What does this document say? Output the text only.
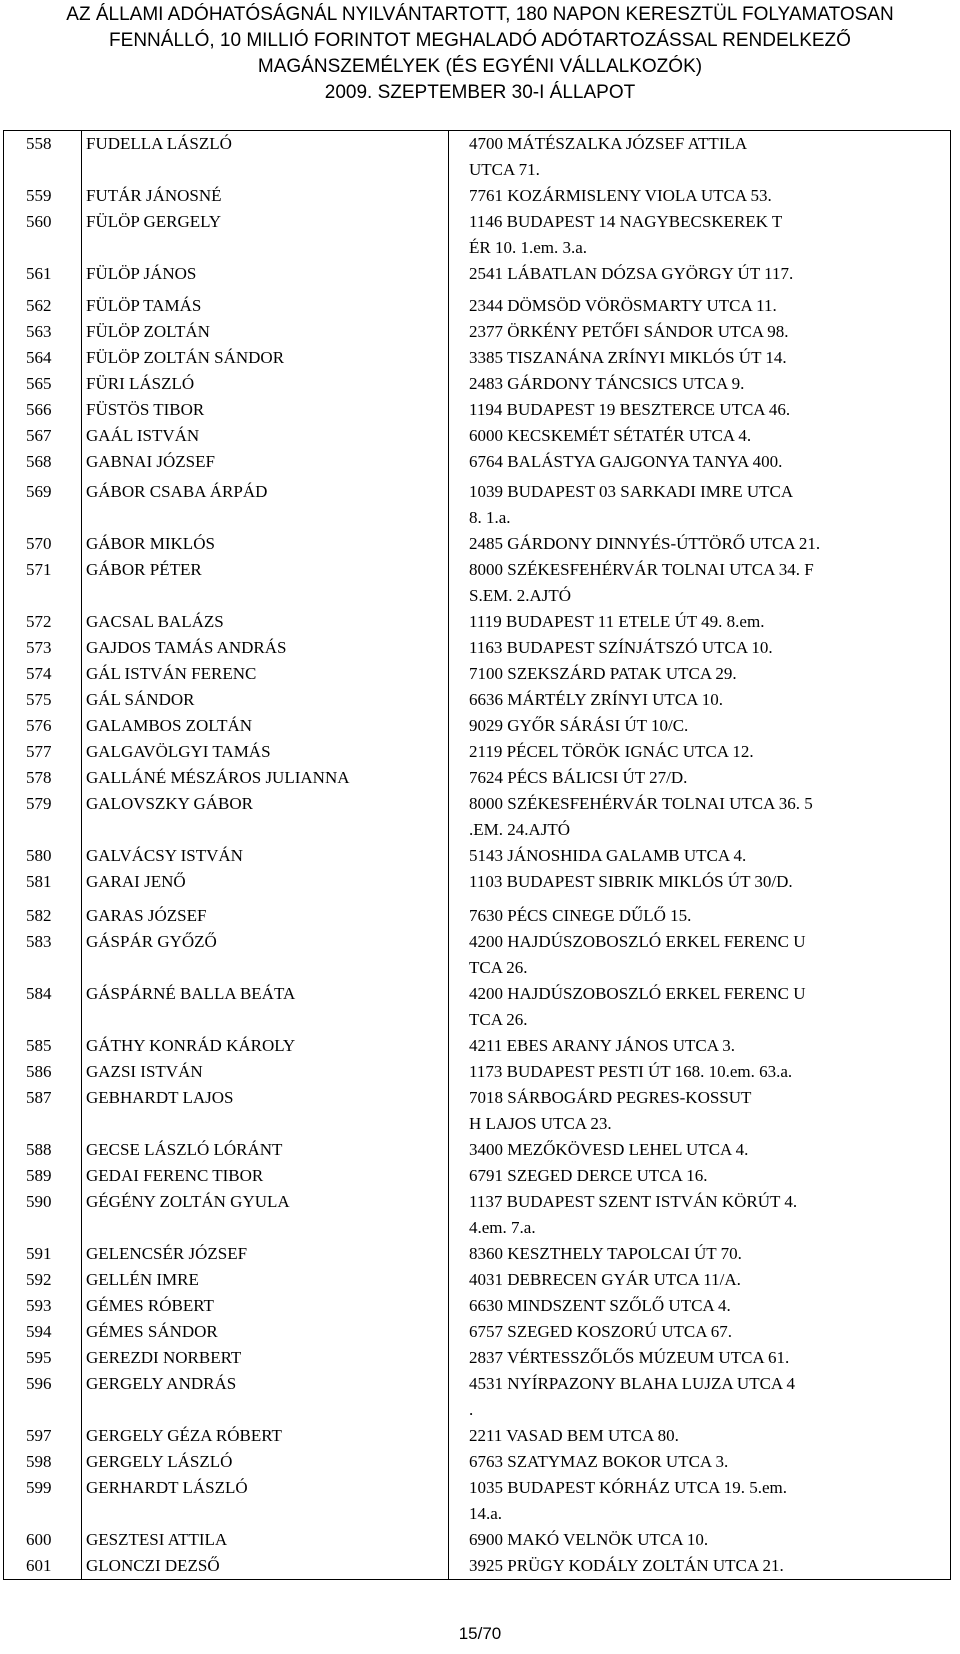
AZ ÁLLAMI ADÓHATÓSÁGNÁL NYILVÁNTARTOTT, 180 NAPON KERESZTÜL FOLYAMATOSAN
FENNÁLLÓ, 10 MILLIÓ FORINTOT MEGHALADÓ ADÓTARTOZÁSSAL RENDELKEZŐ
MAGÁNSZEMÉLYEK (ÉS EGYÉNI VÁLLALKOZÓK)
2009. SZEPTEMBER 30-I ÁLLAPOT
558	FUDELLA LÁSZLÓ	4700 MÁTÉSZALKA JÓZSEF ATTILA
UTCA 71.

559	FUTÁR JÁNOSNÉ	7761 KOZÁRMISLENY VIOLA UTCA 53.
560	FÜLÖP GERGELY	1146 BUDAPEST 14 NAGYBECSKEREK T
ÉR 10. 1.em. 3.a.

561	FÜLÖP JÁNOS	2541 LÁBATLAN DÓZSA GYÖRGY ÚT 117.
562	FÜLÖP TAMÁS	2344 DÖMSÖD VÖRÖSMARTY UTCA 11.
563	FÜLÖP ZOLTÁN	2377 ÖRKÉNY PETŐFI SÁNDOR UTCA 98.
564	FÜLÖP ZOLTÁN SÁNDOR	3385 TISZANÁNA ZRÍNYI MIKLÓS ÚT 14.
565	FÜRI LÁSZLÓ	2483 GÁRDONY TÁNCSICS UTCA 9.
566	FÜSTÖS TIBOR	1194 BUDAPEST 19 BESZTERCE UTCA 46.
567	GAÁL ISTVÁN	6000 KECSKEMÉT SÉTATÉR UTCA 4.
568	GABNAI JÓZSEF	6764 BALÁSTYA GAJGONYA TANYA 400.
569	GÁBOR CSABA ÁRPÁD	1039 BUDAPEST 03 SARKADI IMRE UTCA
8. 1.a.

570	GÁBOR MIKLÓS	2485 GÁRDONY DINNYÉS-ÚTTÖRŐ UTCA 21.

571	GÁBOR PÉTER	8000 SZÉKESFEHÉRVÁR TOLNAI UTCA 34. F
S.EM. 2.AJTÓ

572	GACSAL BALÁZS	1119 BUDAPEST 11 ETELE ÚT 49. 8.em.
573	GAJDOS TAMÁS ANDRÁS	1163 BUDAPEST SZÍNJÁTSZÓ UTCA 10.
574	GÁL ISTVÁN FERENC	7100 SZEKSZÁRD PATAK UTCA 29.
575	GÁL SÁNDOR	6636 MÁRTÉLY ZRÍNYI UTCA 10.
576	GALAMBOS ZOLTÁN	9029 GYŐR SÁRÁSI ÚT 10/C.
577	GALGAVÖLGYI TAMÁS	2119 PÉCEL TÖRÖK IGNÁC UTCA 12.
578	GALLÁNÉ MÉSZÁROS JULIANNA	7624 PÉCS BÁLICSI ÚT 27/D.
579	GALOVSZKY GÁBOR	8000 SZÉKESFEHÉRVÁR TOLNAI UTCA 36. 5
.EM. 24.AJTÓ

580	GALVÁCSY ISTVÁN	5143 JÁNOSHIDA GALAMB UTCA 4.
581	GARAI JENŐ	1103 BUDAPEST SIBRIK MIKLÓS ÚT 30/D.
582	GARAS JÓZSEF	7630 PÉCS CINEGE DŰLŐ 15.
583	GÁSPÁR GYŐZŐ	4200 HAJDÚSZOBOSZLÓ ERKEL FERENC U
TCA 26.

584	GÁSPÁRNÉ BALLA BEÁTA	4200 HAJDÚSZOBOSZLÓ ERKEL FERENC U
TCA 26.

585	GÁTHY KONRÁD KÁROLY	4211 EBES ARANY JÁNOS UTCA 3.
586	GAZSI ISTVÁN	1173 BUDAPEST PESTI ÚT 168. 10.em. 63.a.
587	GEBHARDT LAJOS	7018 SÁRBOGÁRD PEGRES-KOSSUT
H LAJOS UTCA 23.

588	GECSE LÁSZLÓ LÓRÁNT	3400 MEZŐKÖVESD LEHEL UTCA 4.
589	GEDAI FERENC TIBOR	6791 SZEGED DERCE UTCA 16.
590	GÉGÉNY ZOLTÁN GYULA	1137 BUDAPEST SZENT ISTVÁN KÖRÚT 4.
4.em. 7.a.

591	GELENCSÉR JÓZSEF	8360 KESZTHELY TAPOLCAI ÚT 70.
592	GELLÉN IMRE	4031 DEBRECEN GYÁR UTCA 11/A.
593	GÉMES RÓBERT	6630 MINDSZENT SZŐLŐ UTCA 4.
594	GÉMES SÁNDOR	6757 SZEGED KOSZORÚ UTCA 67.
595	GEREZDI NORBERT	2837 VÉRTESSZŐLŐS MÚZEUM UTCA 61.
596	GERGELY ANDRÁS	4531 NYÍRPAZONY BLAHA LUJZA UTCA 4
.

597	GERGELY GÉZA RÓBERT	2211 VASAD BEM UTCA 80.
598	GERGELY LÁSZLÓ	6763 SZATYMAZ BOKOR UTCA 3.
599	GERHARDT LÁSZLÓ	1035 BUDAPEST KÓRHÁZ UTCA 19. 5.em.
14.a.

600	GESZTESI ATTILA	6900 MAKÓ VELNÖK UTCA 10.
601	GLONCZI DEZSŐ	3925 PRÜGY KODÁLY ZOLTÁN UTCA 21.
15/70
